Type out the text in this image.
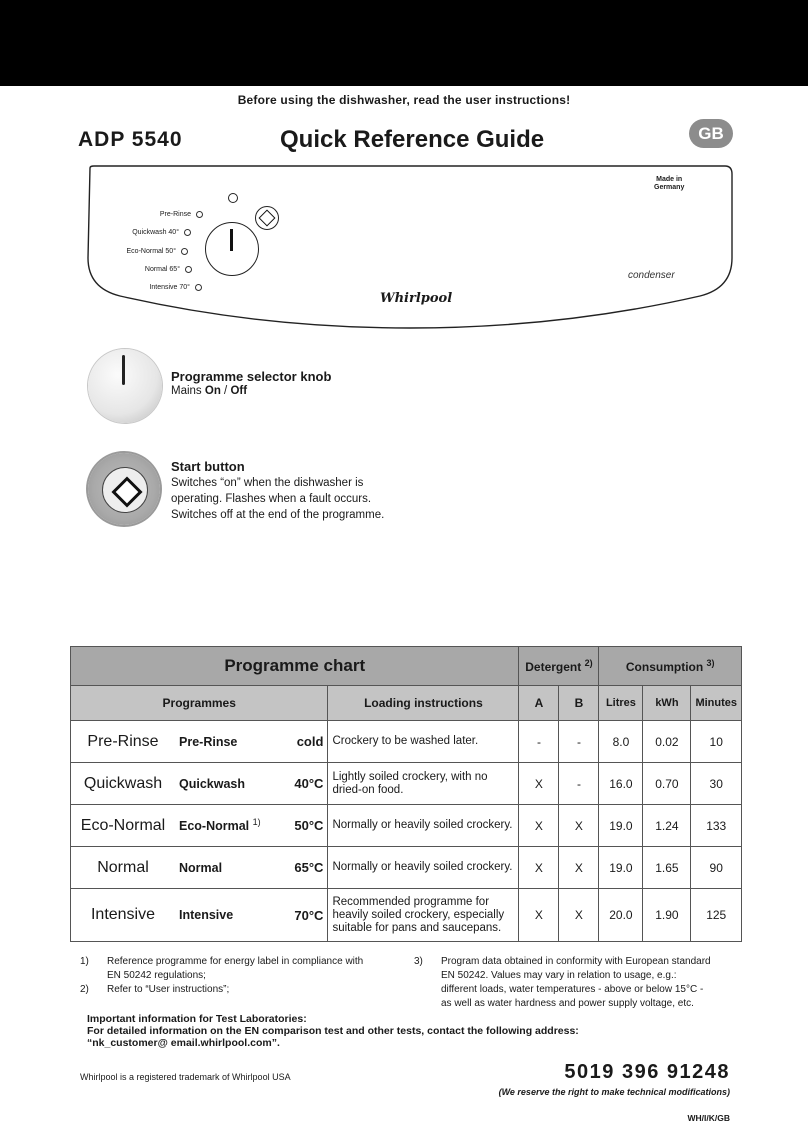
Before using the dishwasher, read the user instructions!
ADP 5540	Quick Reference Guide	GB
Made in
Germany
Pre-Rinse
Quickwash 40°
Eco-Normal 50°
Normal 65°
Intensive 70°
Whirlpool
condenser
Programme selector knob
Mains On / Off
Start button
Switches “on” when the dishwasher is
operating. Flashes when a fault occurs.
Switches off at the end of the programme.
Programme chart				Detergent $^{2)}$		Consumption $^{3)}$
Programmes			Loading instructions	A	B	Litres	kWh	Minutes
Pre-Rinse	Pre-Rinse	cold	Crockery to be washed later.	-	-	8.0	0.02	10
Quickwash	Quickwash	40°C	Lightly soiled crockery, with no dried-on food.	X	-	16.0	0.70	30
Eco-Normal	Eco-Normal $^{1)}$	50°C	Normally or heavily soiled crockery.	X	X	19.0	1.24	133
Normal	Normal	65°C	Normally or heavily soiled crockery.	X	X	19.0	1.65	90
Intensive	Intensive	70°C	Recommended programme for heavily soiled crockery, especially suitable for pans and saucepans.	X	X	20.0	1.90	125
1)	Reference programme for energy label in compliance with
EN 50242 regulations;
2)	Refer to “User instructions”;
3)	Program data obtained in conformity with European standard
EN 50242. Values may vary in relation to usage, e.g.:
different loads, water temperatures - above or below 15°C -
as well as water hardness and power supply voltage, etc.
Important information for Test Laboratories:
For detailed information on the EN comparison test and other tests, contact the following address:
“nk_customer@ email.whirlpool.com”.
Whirlpool is a registered trademark of Whirlpool USA	5019 396 91248
(We reserve the right to make technical modifications)
WH/I/K/GB
